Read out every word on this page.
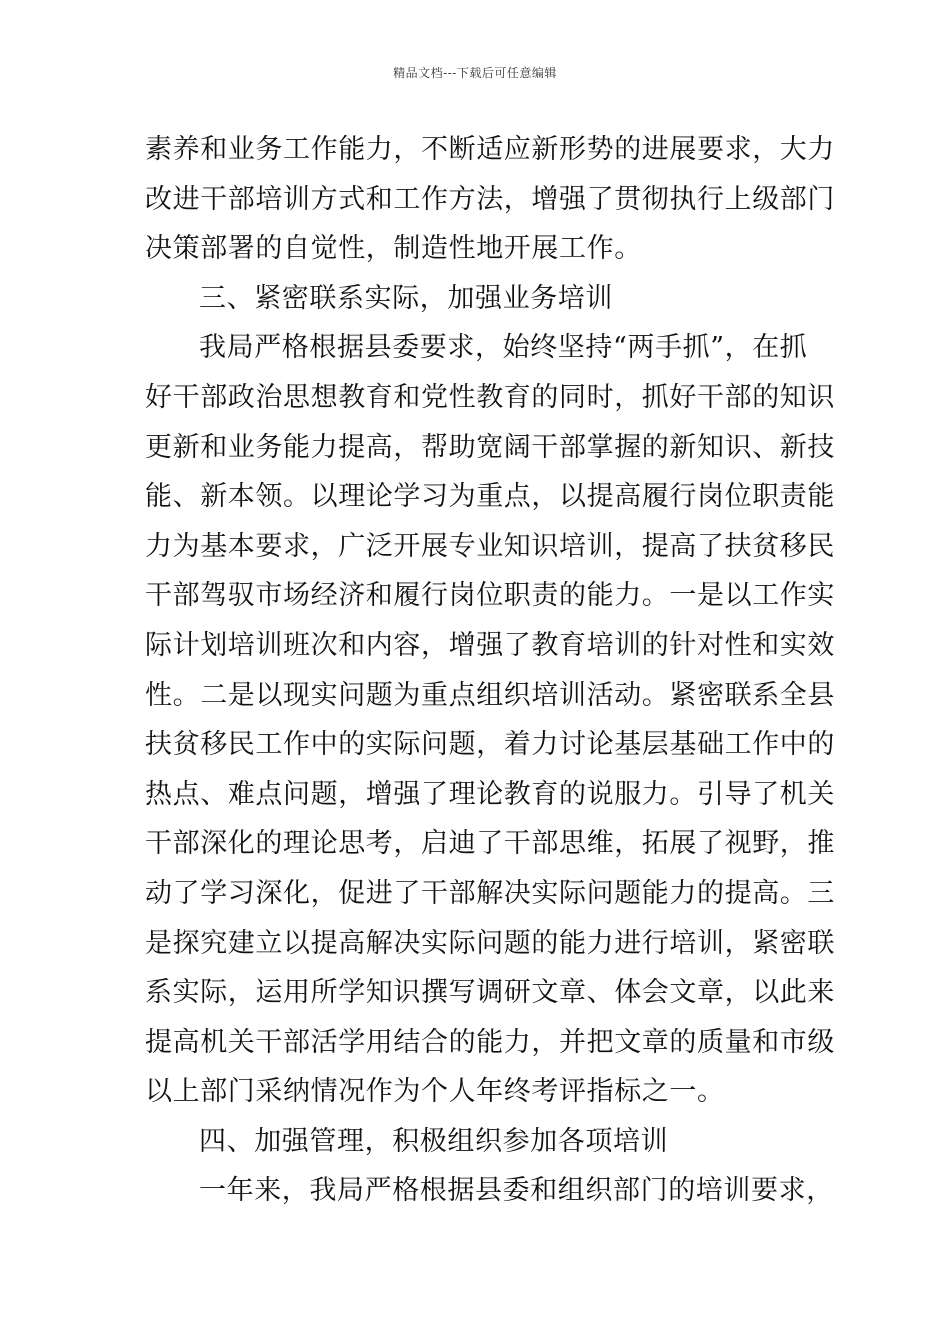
精品文档---下载后可任意编辑
素养和业务工作能力，不断适应新形势的进展要求，大力
改进干部培训方式和工作方法，增强了贯彻执行上级部门
决策部署的自觉性，制造性地开展工作。
三、紧密联系实际，加强业务培训
我局严格根据县委要求，始终坚持“两手抓”，在抓
好干部政治思想教育和党性教育的同时，抓好干部的知识
更新和业务能力提高，帮助宽阔干部掌握的新知识、新技
能、新本领。以理论学习为重点，以提高履行岗位职责能
力为基本要求，广泛开展专业知识培训，提高了扶贫移民
干部驾驭市场经济和履行岗位职责的能力。一是以工作实
际计划培训班次和内容，增强了教育培训的针对性和实效
性。二是以现实问题为重点组织培训活动。紧密联系全县
扶贫移民工作中的实际问题，着力讨论基层基础工作中的
热点、难点问题，增强了理论教育的说服力。引导了机关
干部深化的理论思考，启迪了干部思维，拓展了视野，推
动了学习深化，促进了干部解决实际问题能力的提高。三
是探究建立以提高解决实际问题的能力进行培训，紧密联
系实际，运用所学知识撰写调研文章、体会文章，以此来
提高机关干部活学用结合的能力，并把文章的质量和市级
以上部门采纳情况作为个人年终考评指标之一。
四、加强管理，积极组织参加各项培训
一年来，我局严格根据县委和组织部门的培训要求，
